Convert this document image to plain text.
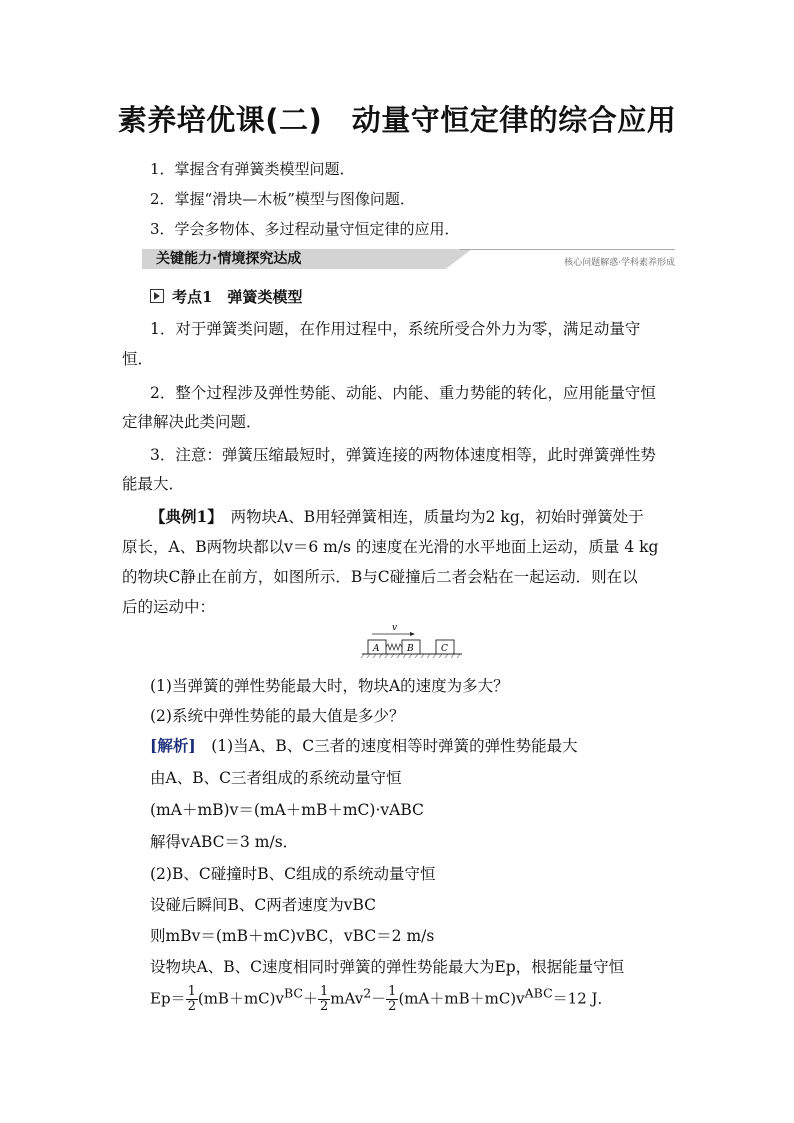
素养培优课(二)　动量守恒定律的综合应用
1．掌握含有弹簧类模型问题．
2．掌握“滑块—木板”模型与图像问题．
3．学会多物体、多过程动量守恒定律的应用．
关键能力·情境探究达成	核心问题解惑·学科素养形成
考点1　弹簧类模型
1．对于弹簧类问题，在作用过程中，系统所受合外力为零，满足动量守
恒．
2．整个过程涉及弹性势能、动能、内能、重力势能的转化，应用能量守恒
定律解决此类问题．
3．注意：弹簧压缩最短时，弹簧连接的两物体速度相等，此时弹簧弹性势
能最大．
【典例1】　 两物块A、B用轻弹簧相连，质量均为2 kg，初始时弹簧处于
原长，A、B两物块都以v＝6 m/s 的速度在光滑的水平地面上运动，质量 4 kg
的物块C静止在前方，如图所示．B与C碰撞后二者会粘在一起运动．则在以
后的运动中：
v
A	B	C
(1)当弹簧的弹性势能最大时，物块A的速度为多大？
(2)系统中弹性势能的最大值是多少？
[解析]　 (1)当A、B、C三者的速度相等时弹簧的弹性势能最大
由A、B、C三者组成的系统动量守恒
(mA＋mB)v＝(mA＋mB＋mC)·vABC
解得vABC＝3 m/s．
(2)B、C碰撞时B、C组成的系统动量守恒
设碰后瞬间B、C两者速度为vBC
则mBv＝(mB＋mC)vBC，vBC＝2 m/s
设物块A、B、C速度相同时弹簧的弹性势能最大为Ep，根据能量守恒
$Ep= \frac{1}{2} (mB+mC)v^{BC}+ \frac{1}{2} mAv^2- \frac{1}{2} (mA+mB+mC)v^{ABC}=12$ J．
